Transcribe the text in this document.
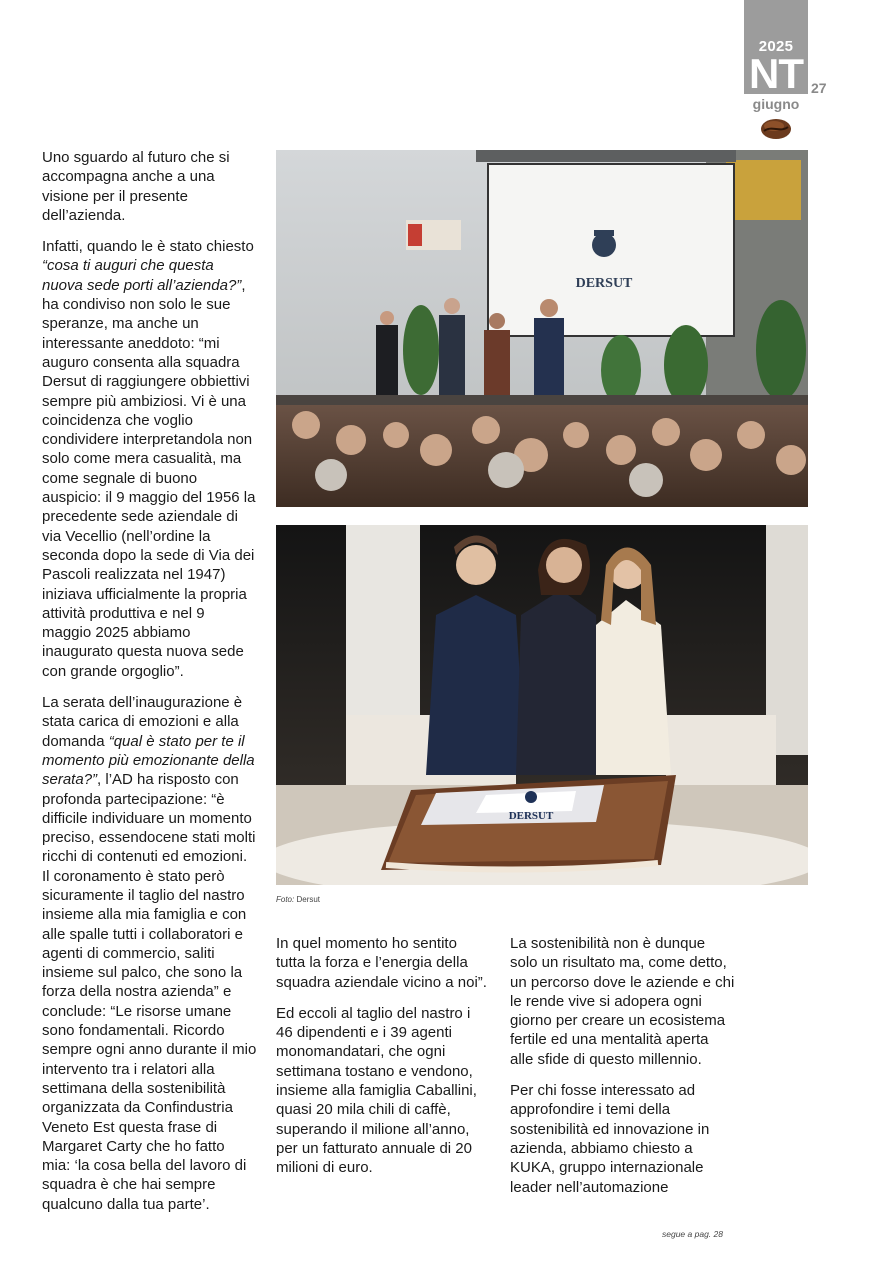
2025
NT
giugno
27

Uno sguardo al futuro che si accompagna anche a una visione per il presente dell’azienda.

Infatti, quando le è stato chiesto “cosa ti auguri che questa nuova sede porti all’azienda?”, ha condiviso non solo le sue speranze, ma anche un interessante aneddoto: “mi auguro consenta alla squadra Dersut di raggiungere obbiettivi sempre più ambiziosi. Vi è una coincidenza che voglio condividere interpretandola non solo come mera casualità, ma come segnale di buono auspicio: il 9 maggio del 1956 la precedente sede aziendale di via Vecellio (nell’ordine la seconda dopo la sede di Via dei Pascoli realizzata nel 1947) iniziava ufficialmente la propria attività produttiva e nel 9 maggio 2025 abbiamo inaugurato questa nuova sede con grande orgoglio”.

La serata dell’inaugurazione è stata carica di emozioni e alla domanda “qual è stato per te il momento più emozionante della serata?”, l’AD ha risposto con profonda partecipazione: “è difficile individuare un momento preciso, essendocene stati molti ricchi di contenuti ed emozioni. Il coronamento è stato però sicuramente il taglio del nastro insieme alla mia famiglia e con alle spalle tutti i collaboratori e agenti di commercio, saliti insieme sul palco, che sono la forza della nostra azienda” e conclude: “Le risorse umane sono fondamentali. Ricordo sempre ogni anno durante il mio intervento tra i relatori alla settimana della sostenibilità organizzata da Confindustria Veneto Est questa frase di Margaret Carty che ho fatto mia: ‘la cosa bella del lavoro di squadra è che hai sempre qualcuno dalla tua parte’.

DERSUT
DERSUT
Foto: Dersut

In quel momento ho sentito tutta la forza e l’energia della squadra aziendale vicino a noi”.

Ed eccoli al taglio del nastro i 46 dipendenti e i 39 agenti monomandatari, che ogni settimana tostano e vendono, insieme alla famiglia Caballini, quasi 20 mila chili di caffè, superando il milione all’anno, per un fatturato annuale di 20 milioni di euro.

La sostenibilità non è dunque solo un risultato ma, come detto, un percorso dove le aziende e chi le rende vive si adopera ogni giorno per creare un ecosistema fertile ed una mentalità aperta alle sfide di questo millennio.

Per chi fosse interessato ad approfondire i temi della sostenibilità ed innovazione in azienda, abbiamo chiesto a KUKA, gruppo internazionale leader nell’automazione

segue a pag. 28
